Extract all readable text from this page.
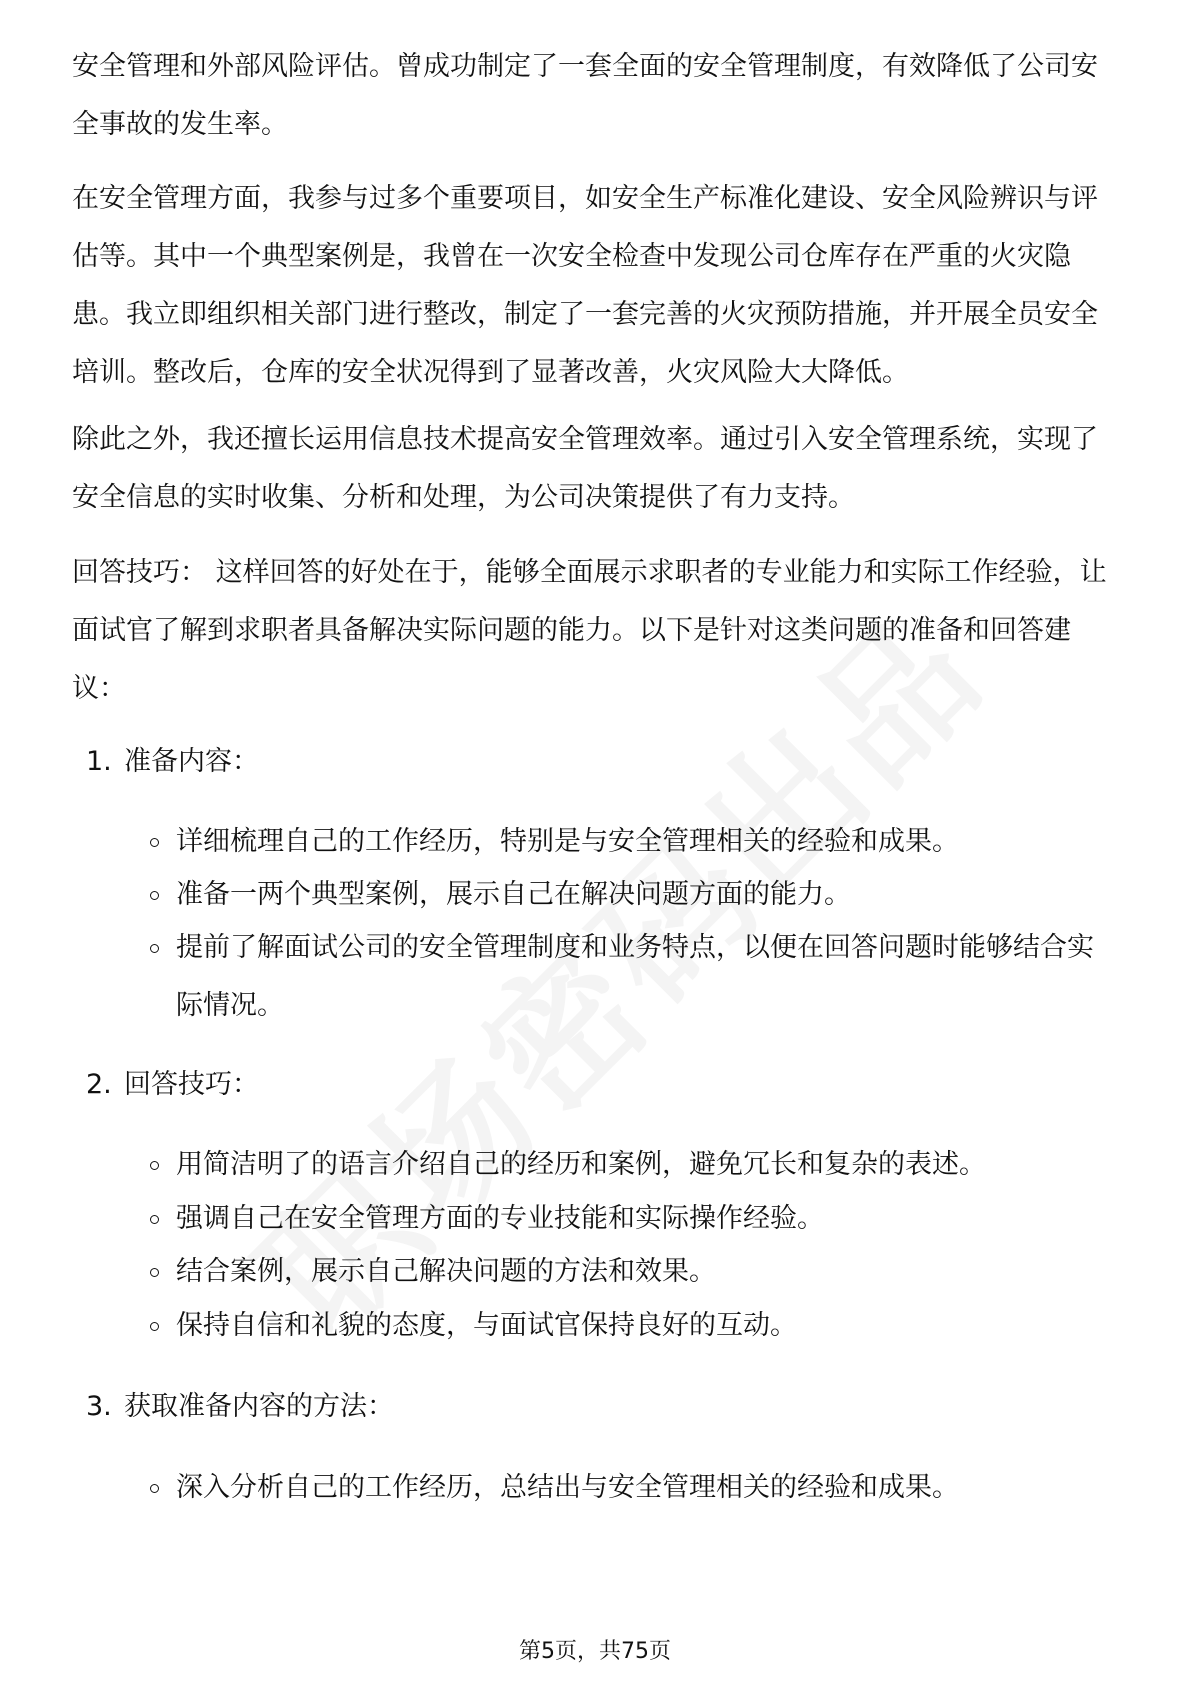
安全管理和外部风险评估。曾成功制定了一套全面的安全管理制度，有效降低了公司安全事故的发生率。

在安全管理方面，我参与过多个重要项目，如安全生产标准化建设、安全风险辨识与评估等。其中一个典型案例是，我曾在一次安全检查中发现公司仓库存在严重的火灾隐患。我立即组织相关部门进行整改，制定了一套完善的火灾预防措施，并开展全员安全培训。整改后，仓库的安全状况得到了显著改善，火灾风险大大降低。

除此之外，我还擅长运用信息技术提高安全管理效率。通过引入安全管理系统，实现了安全信息的实时收集、分析和处理，为公司决策提供了有力支持。

回答技巧： 这样回答的好处在于，能够全面展示求职者的专业能力和实际工作经验，让面试官了解到求职者具备解决实际问题的能力。以下是针对这类问题的准备和回答建议：

1. 准备内容：

详细梳理自己的工作经历，特别是与安全管理相关的经验和成果。

准备一两个典型案例，展示自己在解决问题方面的能力。

提前了解面试公司的安全管理制度和业务特点，以便在回答问题时能够结合实际情况。

2. 回答技巧：

用简洁明了的语言介绍自己的经历和案例，避免冗长和复杂的表述。

强调自己在安全管理方面的专业技能和实际操作经验。

结合案例，展示自己解决问题的方法和效果。

保持自信和礼貌的态度，与面试官保持良好的互动。

3. 获取准备内容的方法：

深入分析自己的工作经历，总结出与安全管理相关的经验和成果。

第5页，共75页
